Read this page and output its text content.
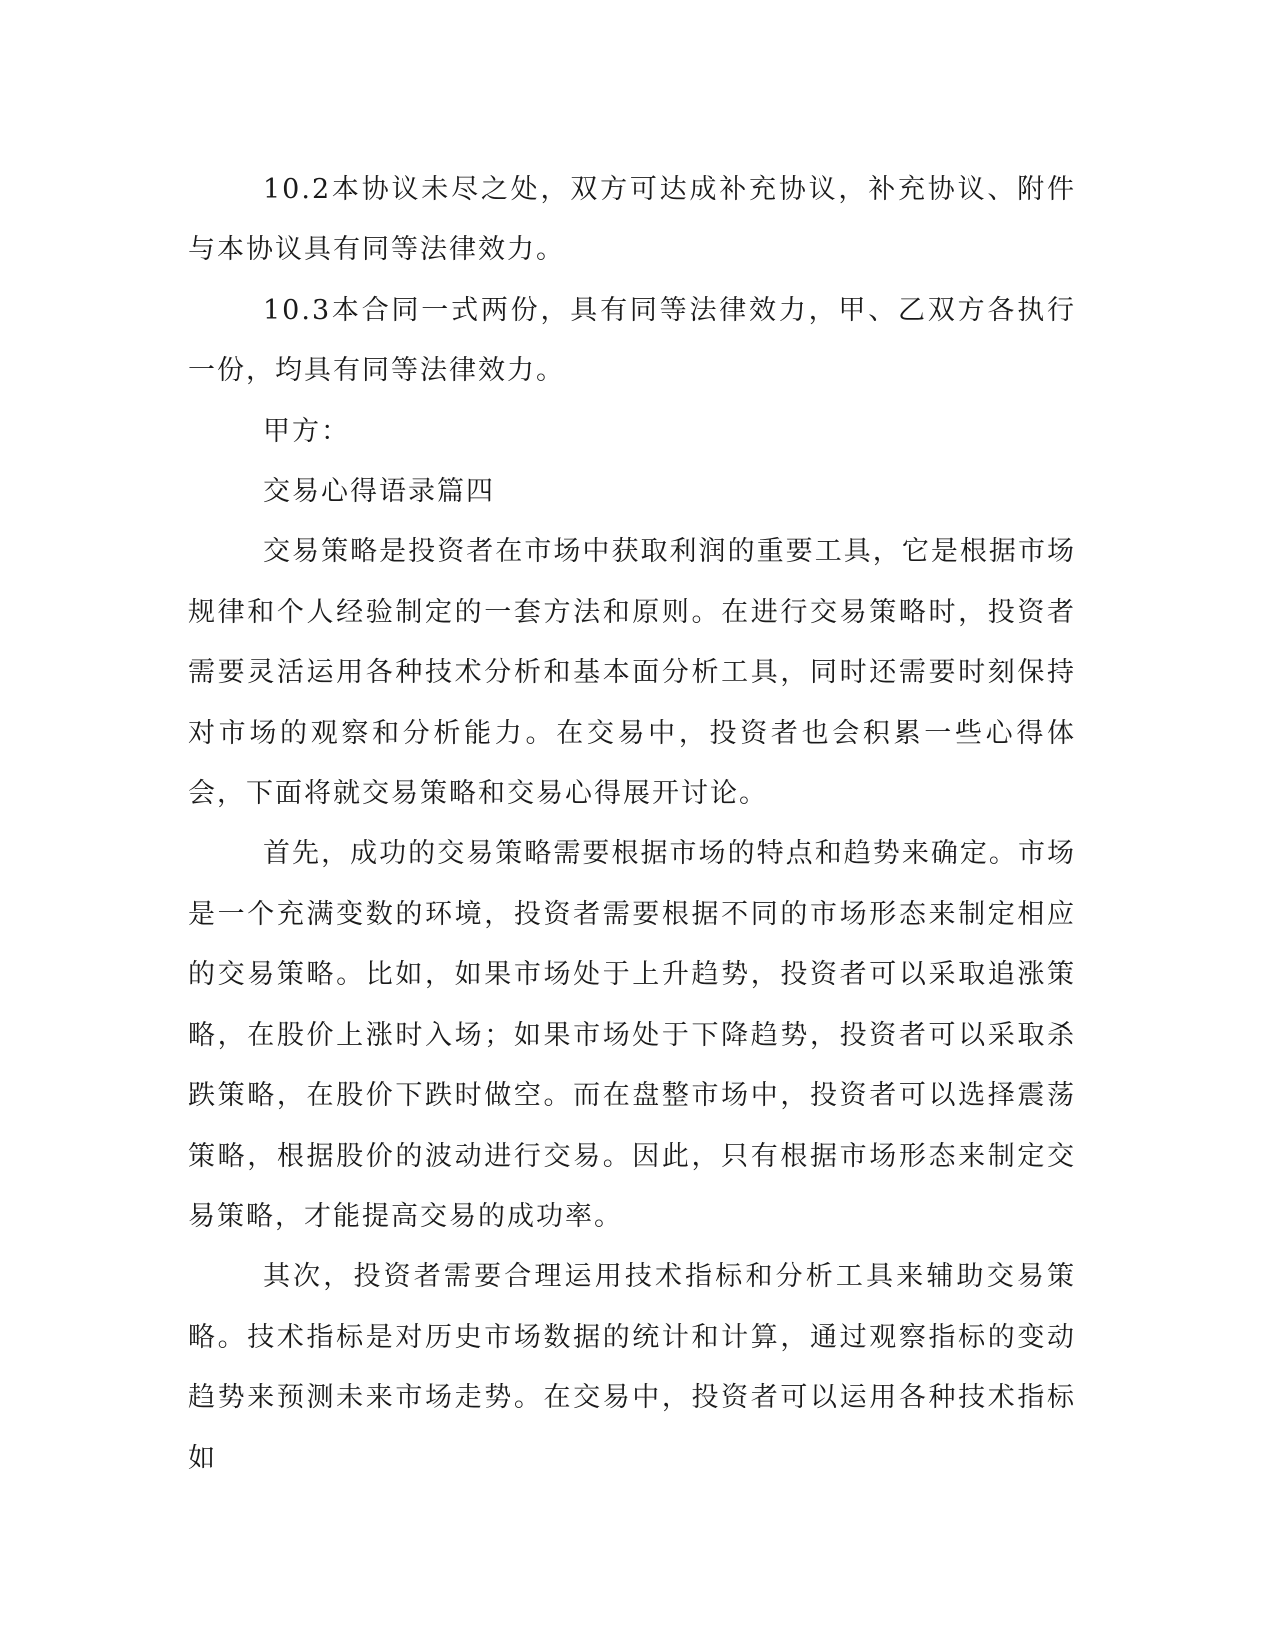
10.2本协议未尽之处，双方可达成补充协议，补充协议、附件与本协议具有同等法律效力。

10.3本合同一式两份，具有同等法律效力，甲、乙双方各执行一份，均具有同等法律效力。

甲方：

交易心得语录篇四

交易策略是投资者在市场中获取利润的重要工具，它是根据市场规律和个人经验制定的一套方法和原则。在进行交易策略时，投资者需要灵活运用各种技术分析和基本面分析工具，同时还需要时刻保持对市场的观察和分析能力。在交易中，投资者也会积累一些心得体会，下面将就交易策略和交易心得展开讨论。

首先，成功的交易策略需要根据市场的特点和趋势来确定。市场是一个充满变数的环境，投资者需要根据不同的市场形态来制定相应的交易策略。比如，如果市场处于上升趋势，投资者可以采取追涨策略，在股价上涨时入场；如果市场处于下降趋势，投资者可以采取杀跌策略，在股价下跌时做空。而在盘整市场中，投资者可以选择震荡策略，根据股价的波动进行交易。因此，只有根据市场形态来制定交易策略，才能提高交易的成功率。

其次，投资者需要合理运用技术指标和分析工具来辅助交易策略。技术指标是对历史市场数据的统计和计算，通过观察指标的变动趋势来预测未来市场走势。在交易中，投资者可以运用各种技术指标如
